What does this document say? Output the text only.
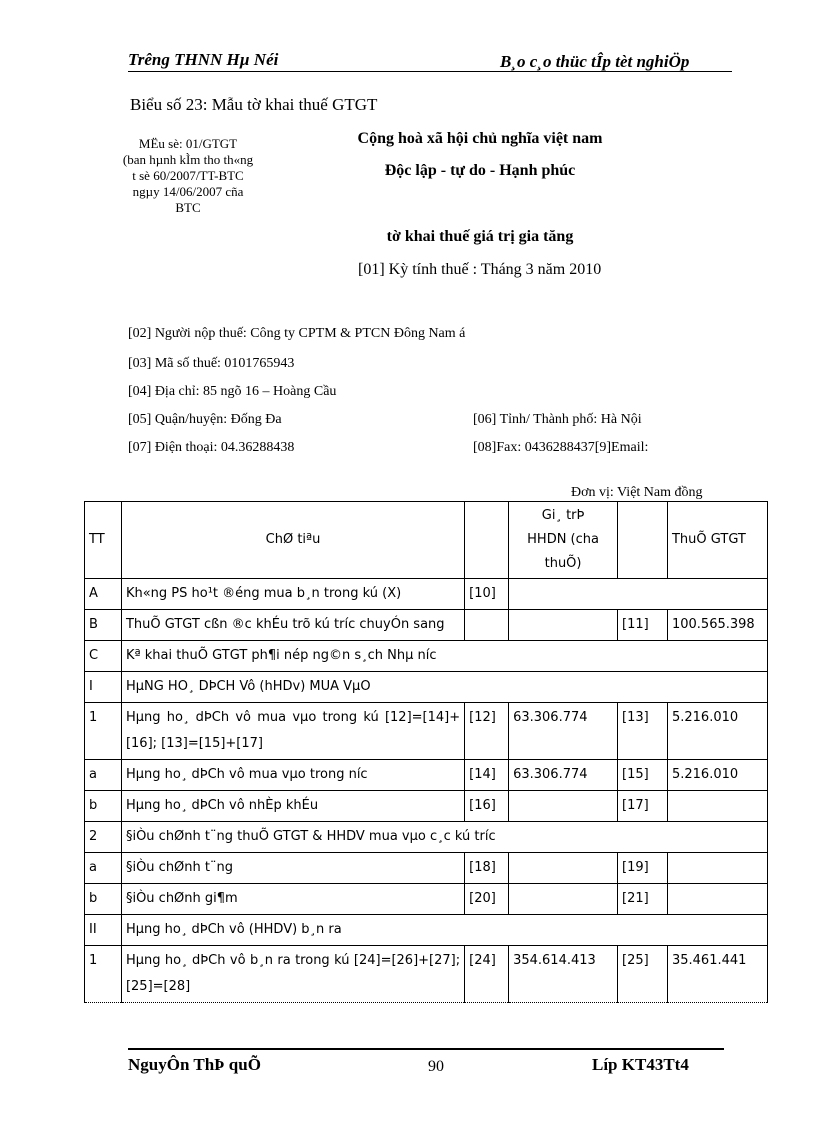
Trêng THNN Hµ Néi	B¸o c¸o thüc tÎp tèt nghiÖp
Biểu số 23: Mẫu tờ khai thuế GTGT
MËu sè: 01/GTGT
(ban hµnh kÌm tho th«ng
t sè 60/2007/TT-BTC
ngµy 14/06/2007 cña
BTC
Cộng hoà xã hội chủ nghĩa việt nam
Độc lập - tự do - Hạnh phúc
tờ khai thuế giá trị gia tăng
[01] Kỳ tính thuế : Tháng 3 năm 2010
[02] Người nộp thuế: Công ty CPTM & PTCN Đông Nam á
[03] Mã số thuế: 0101765943
[04] Địa chỉ: 85 ngõ 16 – Hoàng Cầu
[05] Quận/huyện: Đống Đa	[06] Tỉnh/ Thành phố: Hà Nội
[07] Điện thoại: 04.36288438	[08]Fax: 0436288437[9]Email:
Đơn vị: Việt Nam đồng
TT	ChØ tiªu		Gi¸ trÞ
HHDN (cha
thuÕ)		ThuÕ GTGT
A	Kh«ng PS ho¹t ®éng mua b¸n trong kú (X)	[10]			
B	ThuÕ GTGT cßn ®c khÉu trõ kú tríc chuyÓn sang			[11]	100.565.398
C	Kª khai thuÕ GTGT ph¶i nép ng©n s¸ch Nhµ níc				
I	HµNG HO¸ DÞCH Vô (hHDv) MUA VµO				
1	Hµng ho¸ dÞCh vô mua vµo trong kú [12]=[14]+[16]; [13]=[15]+[17]	[12]	63.306.774	[13]	5.216.010
a	Hµng ho¸ dÞCh vô mua vµo trong níc	[14]	63.306.774	[15]	5.216.010
b	Hµng ho¸ dÞCh vô nhÈp khÉu	[16]		[17]	
2	§iÒu chØnh t¨ng thuÕ GTGT & HHDV mua vµo c¸c kú tríc				
a	§iÒu chØnh t¨ng	[18]		[19]	
b	§iÒu chØnh gi¶m	[20]		[21]	
II	Hµng ho¸ dÞCh vô (HHDV) b¸n ra				
1	Hµng ho¸ dÞCh vô b¸n ra trong kú [24]=[26]+[27];[25]=[28]	[24]	354.614.413	[25]	35.461.441
NguyÔn ThÞ quÕ	90	Líp KT43Tt4
